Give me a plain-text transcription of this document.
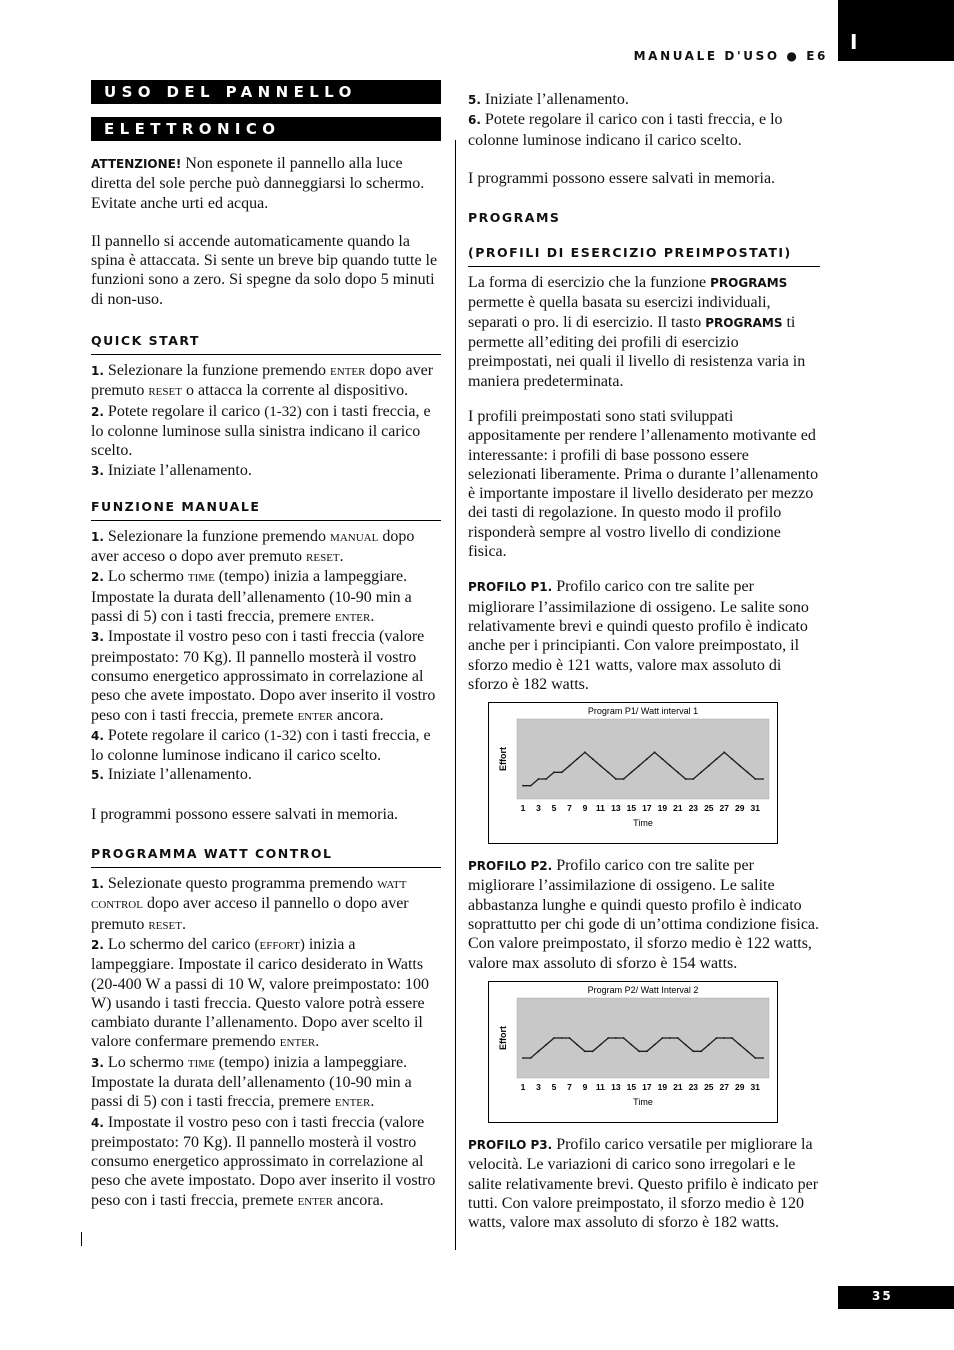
I
MANUALE D'USO ● E6
35
USO DEL PANNELLO
ELETTRONICO

ATTENZIONE! Non esponete il pannello alla luce diretta del sole perche può danneggiarsi lo schermo. Evitate anche urti ed acqua.

Il pannello si accende automaticamente quando la spina è attaccata. Si sente un breve bip quando tutte le funzioni sono a zero. Si spegne da solo dopo 5 minuti di non-uso.

QUICK START

1. Selezionare la funzione premendo enter dopo aver premuto reset o attacca la corrente al dispositivo.

2. Potete regolare il carico (1-32) con i tasti freccia, e lo colonne luminose sulla sinistra indicano il carico scelto.

3. Iniziate l’allenamento.

FUNZIONE MANUALE

1. Selezionare la funzione premendo manual dopo aver acceso o dopo aver premuto reset.

2. Lo schermo time (tempo) inizia a lampeggiare. Impostate la durata dell’allenamento (10-90 min a passi di 5) con i tasti freccia, premere enter.

3. Impostate il vostro peso con i tasti freccia (valore preimpostato: 70 Kg). Il pannello mosterà il vostro consumo energetico approssimato in correlazione al peso che avete impostato. Dopo aver inserito il vostro peso con i tasti freccia, premete enter ancora.

4. Potete regolare il carico (1-32) con i tasti freccia, e lo colonne luminose indicano il carico scelto.

5. Iniziate l’allenamento.

I programmi possono essere salvati in memoria.

PROGRAMMA WATT CONTROL

1. Selezionate questo programma premendo watt control dopo aver acceso il pannello o dopo aver premuto reset.

2. Lo schermo del carico (effort) inizia a lampeggiare. Impostate il carico desiderato in Watts (20-400 W a passi di 10 W, valore preimpostato: 100 W) usando i tasti freccia. Questo valore potrà essere cambiato durante l’allenamento. Dopo aver scelto il valore confermare premendo enter.

3. Lo schermo time (tempo) inizia a lampeggiare. Impostate la durata dell’allenamento (10-90 min a passi di 5) con i tasti freccia, premere enter.

4. Impostate il vostro peso con i tasti freccia (valore preimpostato: 70 Kg). Il pannello mosterà il vostro consumo energetico approssimato in correlazione al peso che avete impostato. Dopo aver inserito il vostro peso con i tasti freccia, premete enter ancora.

5. Iniziate l’allenamento.

6. Potete regolare il carico con i tasti freccia, e lo colonne luminose indicano il carico scelto.

I programmi possono essere salvati in memoria.

PROGRAMS
(PROFILI DI ESERCIZIO PREIMPOSTATI)

La forma di esercizio che la funzione PROGRAMS permette è quella basata su esercizi individuali, separati o pro. li di esercizio. Il tasto PROGRAMS ti permette all’editing dei profili di esercizio preimpostati, nei quali il livello di resistenza varia in maniera predeterminata.

I profili preimpostati sono stati sviluppati appositamente per rendere l’allenamento motivante ed interessante: i profili di base possono essere selezionati liberamente. Prima o durante l’allenamento è importante impostare il livello desiderato per mezzo dei tasti di regolazione. In questo modo il profilo risponderà sempre al vostro livello di condizione fisica.

PROFILO P1. Profilo carico con tre salite per migliorare l’assimilazione di ossigeno. Le salite sono relativamente brevi e quindi questo profilo è indicato anche per i principianti. Con valore preimpostato, il sforzo medio è 121 watts, valore max assoluto di sforzo è 182 watts.

Program P1/ Watt interval 1
Effort
1 3 5 7 9 11 13 15 17 19 21 23 25 27 29 31
Time

PROFILO P2. Profilo carico con tre salite per migliorare l’assimilazione di ossigeno. Le salite abbastanza lunghe e quindi questo profilo è indicato soprattutto per chi gode di un’ottima condizione fisica. Con valore preimpostato, il sforzo medio è 122 watts, valore max assoluto di sforzo è 154 watts.

Program P2/ Watt Interval 2
Effort
1 3 5 7 9 11 13 15 17 19 21 23 25 27 29 31
Time

PROFILO P3. Profilo carico versatile per migliorare la velocità. Le variazioni di carico sono irregolari e le salite relativamente brevi. Questo prifilo è indicato per tutti. Con valore preimpostato, il sforzo medio è 120 watts, valore max assoluto di sforzo è 182 watts.
